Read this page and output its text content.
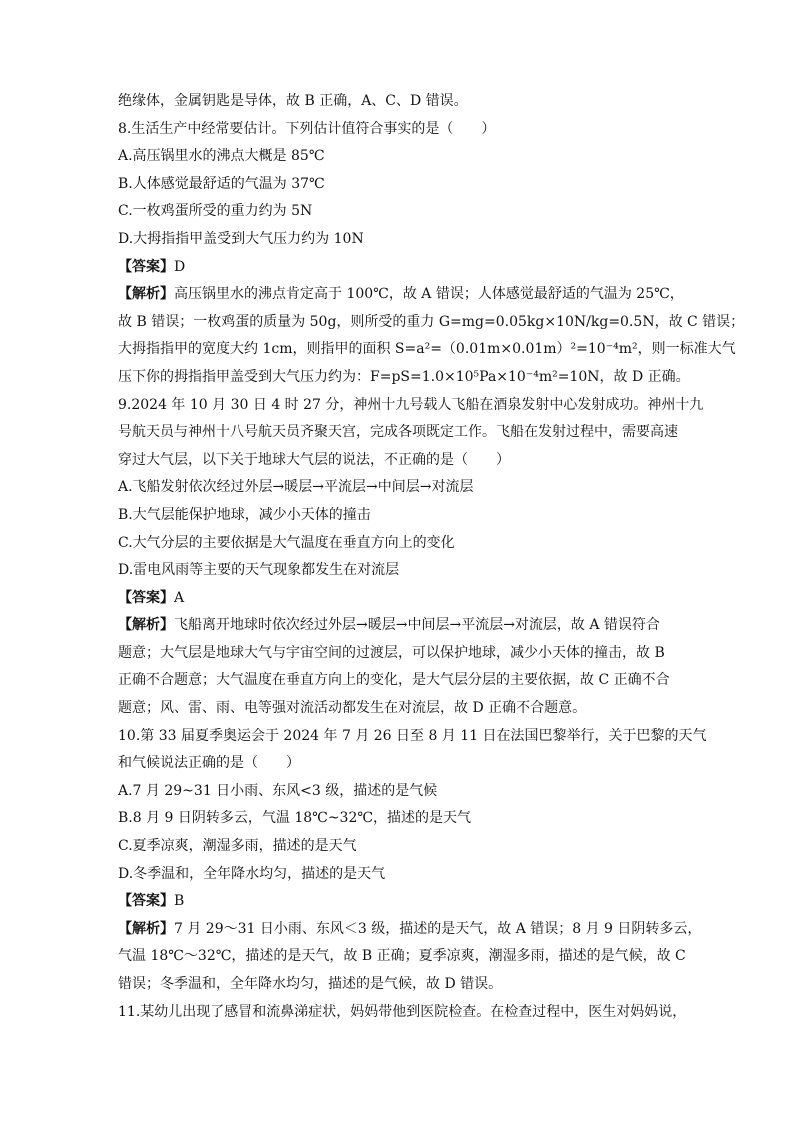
绝缘体，金属钥匙是导体，故 B 正确，A、C、D 错误。
8.生活生产中经常要估计。下列估计值符合事实的是（　　）
A.高压锅里水的沸点大概是 85℃
B.人体感觉最舒适的气温为 37℃
C.一枚鸡蛋所受的重力约为 5N
D.大拇指指甲盖受到大气压力约为 10N
【答案】D
【解析】高压锅里水的沸点肯定高于 100℃，故 A 错误；人体感觉最舒适的气温为 25℃，
故 B 错误；一枚鸡蛋的质量为 50g，则所受的重力 G=mg=0.05kg×10N/kg=0.5N，故 C 错误；
大拇指指甲的宽度大约 1cm，则指甲的面积 S=a²=（0.01m×0.01m）²=10⁻⁴m²，则一标准大气
压下你的拇指指甲盖受到大气压力约为：F=pS=1.0×10⁵Pa×10⁻⁴m²=10N，故 D 正确。
9.2024 年 10 月 30 日 4 时 27 分，神州十九号载人飞船在酒泉发射中心发射成功。神州十九
号航天员与神州十八号航天员齐聚天宫，完成各项既定工作。飞船在发射过程中，需要高速
穿过大气层，以下关于地球大气层的说法，不正确的是（　　）
A.飞船发射依次经过外层→暖层→平流层→中间层→对流层
B.大气层能保护地球，减少小天体的撞击
C.大气分层的主要依据是大气温度在垂直方向上的变化
D.雷电风雨等主要的天气现象都发生在对流层
【答案】A
【解析】飞船离开地球时依次经过外层→暖层→中间层→平流层→对流层，故 A 错误符合
题意；大气层是地球大气与宇宙空间的过渡层，可以保护地球，减少小天体的撞击，故 B
正确不合题意；大气温度在垂直方向上的变化，是大气层分层的主要依据，故 C 正确不合
题意；风、雷、雨、电等强对流活动都发生在对流层，故 D 正确不合题意。
10.第 33 届夏季奥运会于 2024 年 7 月 26 日至 8 月 11 日在法国巴黎举行，关于巴黎的天气
和气候说法正确的是（　　）
A.7 月 29~31 日小雨、东风<3 级，描述的是气候
B.8 月 9 日阴转多云，气温 18℃~32℃，描述的是天气
C.夏季凉爽，潮湿多雨，描述的是天气
D.冬季温和，全年降水均匀，描述的是天气
【答案】B
【解析】7 月 29～31 日小雨、东风＜3 级，描述的是天气，故 A 错误；8 月 9 日阴转多云，
气温 18℃～32℃，描述的是天气，故 B 正确；夏季凉爽，潮湿多雨，描述的是气候，故 C
错误；冬季温和，全年降水均匀，描述的是气候，故 D 错误。
11.某幼儿出现了感冒和流鼻涕症状，妈妈带他到医院检查。在检查过程中，医生对妈妈说，
